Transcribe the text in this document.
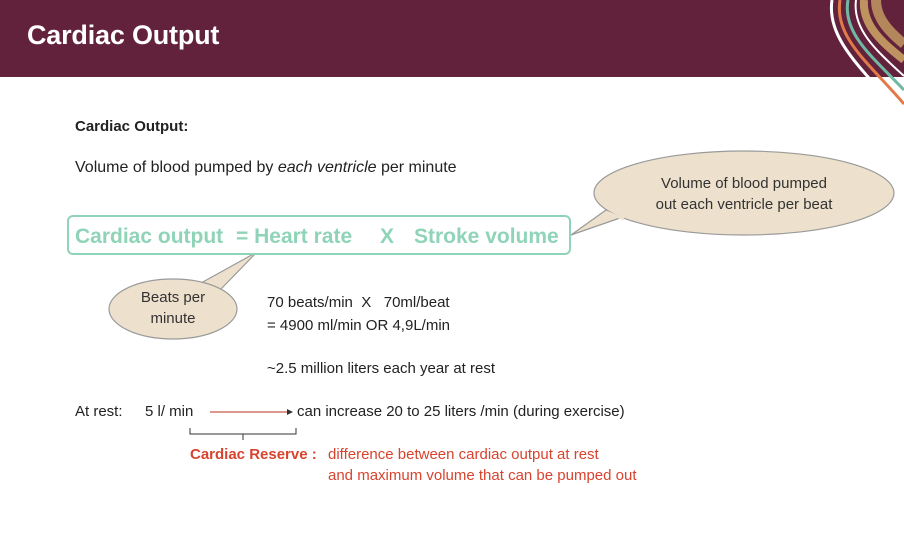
Cardiac Output
Cardiac Output:
Volume of blood pumped by each ventricle per minute
Cardiac output = Heart rate X Stroke volume
Volume of blood pumped
out each ventricle per beat
Beats per
minute
70 beats/min  X   70ml/beat
= 4900 ml/min OR 4,9L/min
~2.5 million liters each year at rest
At rest: 5 l/ min	can increase 20 to 25 liters /min (during exercise)
Cardiac Reserve : difference between cardiac output at rest
and maximum volume that can be pumped out
